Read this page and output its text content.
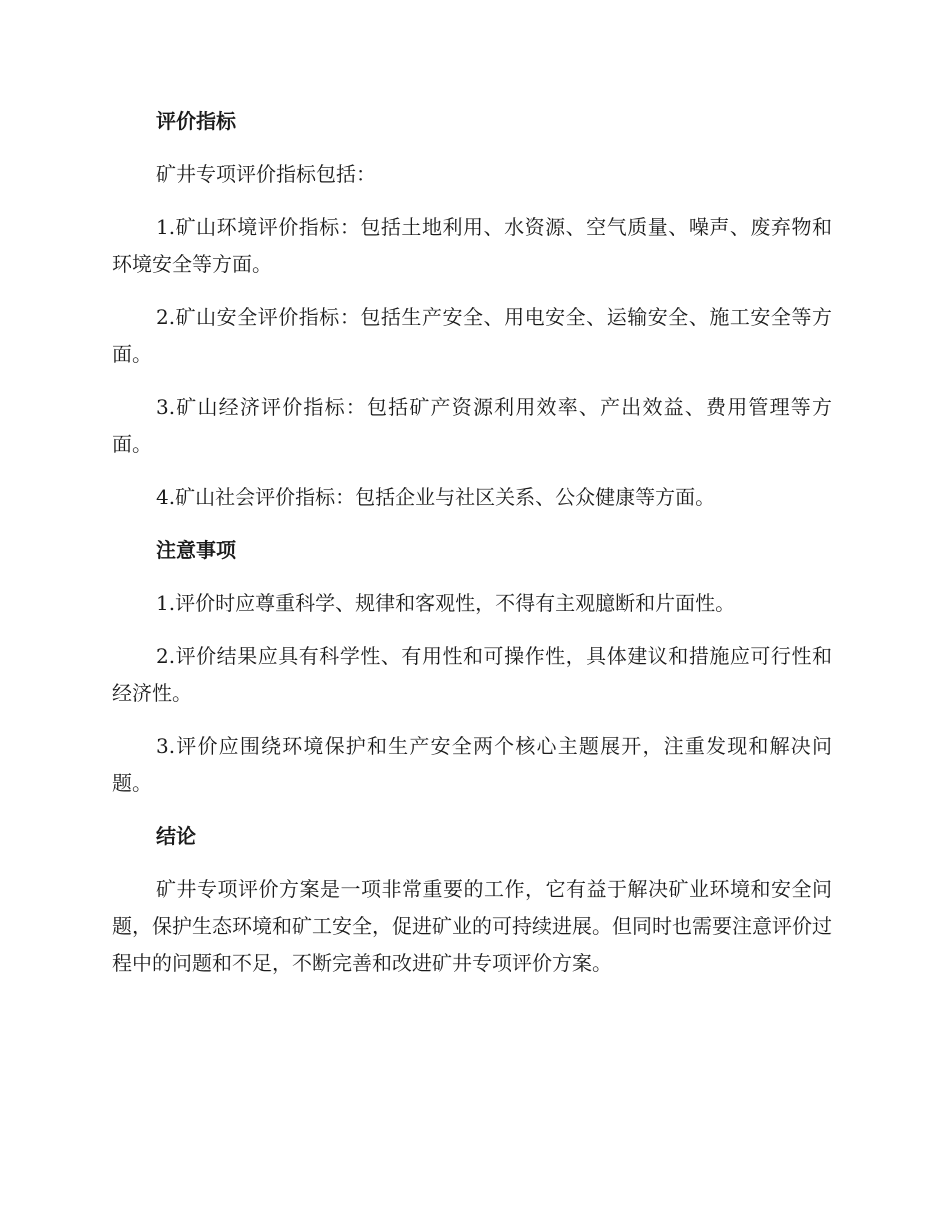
评价指标
矿井专项评价指标包括：
1.矿山环境评价指标：包括土地利用、水资源、空气质量、噪声、废弃物和环境安全等方面。
2.矿山安全评价指标：包括生产安全、用电安全、运输安全、施工安全等方面。
3.矿山经济评价指标：包括矿产资源利用效率、产出效益、费用管理等方面。
4.矿山社会评价指标：包括企业与社区关系、公众健康等方面。
注意事项
1.评价时应尊重科学、规律和客观性，不得有主观臆断和片面性。
2.评价结果应具有科学性、有用性和可操作性，具体建议和措施应可行性和经济性。
3.评价应围绕环境保护和生产安全两个核心主题展开，注重发现和解决问题。
结论
矿井专项评价方案是一项非常重要的工作，它有益于解决矿业环境和安全问题，保护生态环境和矿工安全，促进矿业的可持续进展。但同时也需要注意评价过程中的问题和不足，不断完善和改进矿井专项评价方案。
